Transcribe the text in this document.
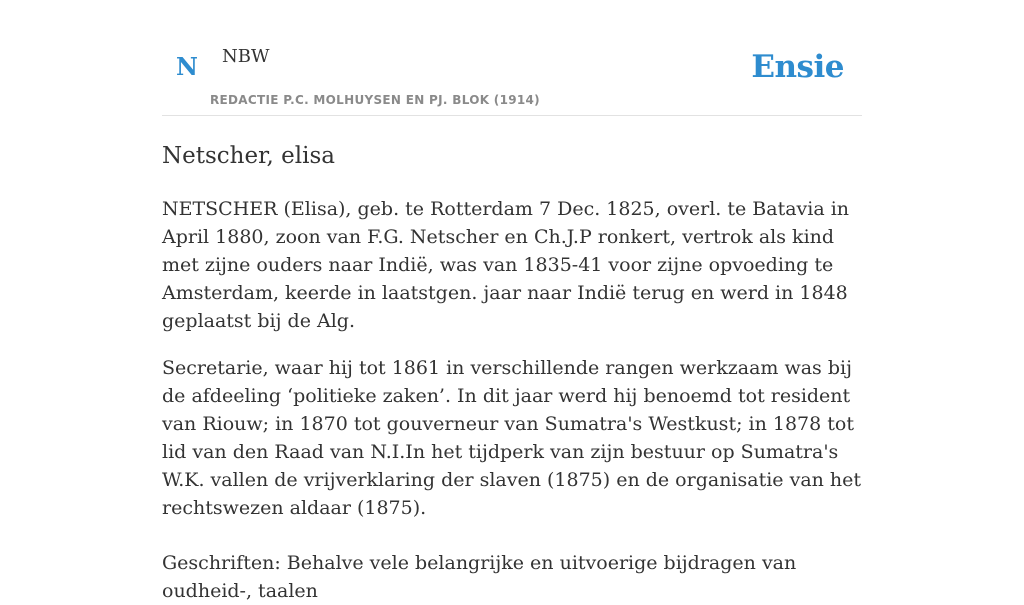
N NBW
REDACTIE P.C. MOLHUYSEN EN PJ. BLOK (1914)
Ensie
Netscher, elisa

NETSCHER (Elisa), geb. te Rotterdam 7 Dec. 1825, overl. te Batavia in April 1880, zoon van F.G. Netscher en Ch.J.P ronkert, vertrok als kind met zijne ouders naar Indië, was van 1835-41 voor zijne opvoeding te Amsterdam, keerde in laatstgen. jaar naar Indië terug en werd in 1848 geplaatst bij de Alg.

Secretarie, waar hij tot 1861 in verschillende rangen werkzaam was bij de afdeeling ‘politieke zaken’. In dit jaar werd hij benoemd tot resident van Riouw; in 1870 tot gouverneur van Sumatra's Westkust; in 1878 tot lid van den Raad van N.I.In het tijdperk van zijn bestuur op Sumatra's W.K. vallen de vrijverklaring der slaven (1875) en de organisatie van het rechtswezen aldaar (1875).

Geschriften: Behalve vele belangrijke en uitvoerige bijdragen van oudheid-, taalen
